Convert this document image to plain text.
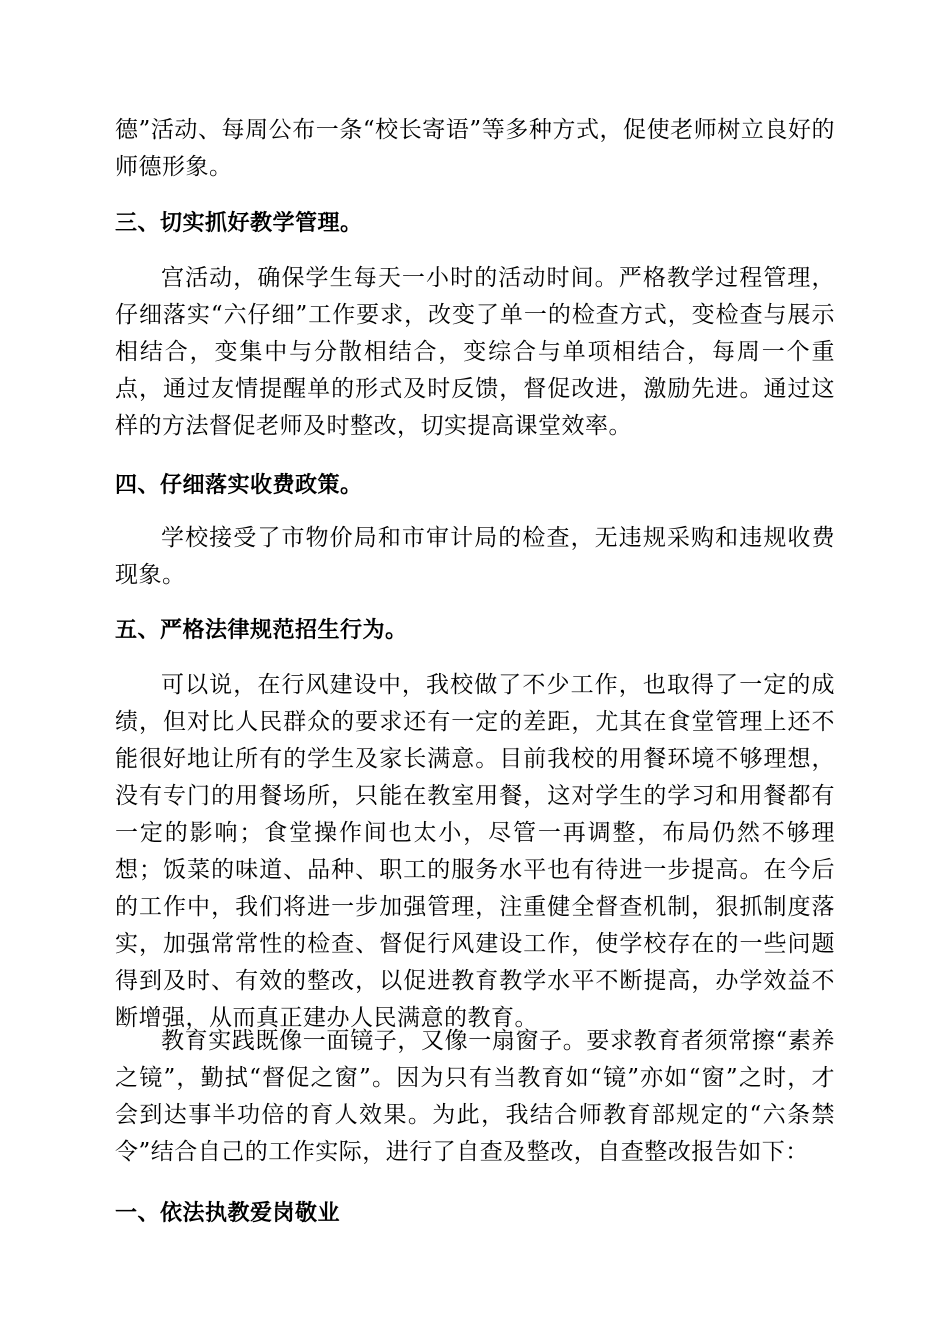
德”活动、每周公布一条“校长寄语”等多种方式，促使老师树立良好的师德形象。

三、切实抓好教学管理。

宫活动，确保学生每天一小时的活动时间。严格教学过程管理，仔细落实“六仔细”工作要求，改变了单一的检查方式，变检查与展示相结合，变集中与分散相结合，变综合与单项相结合，每周一个重点，通过友情提醒单的形式及时反馈，督促改进，激励先进。通过这样的方法督促老师及时整改，切实提高课堂效率。

四、仔细落实收费政策。

学校接受了市物价局和市审计局的检查，无违规采购和违规收费现象。

五、严格法律规范招生行为。

可以说，在行风建设中，我校做了不少工作，也取得了一定的成绩，但对比人民群众的要求还有一定的差距，尤其在食堂管理上还不能很好地让所有的学生及家长满意。目前我校的用餐环境不够理想，没有专门的用餐场所，只能在教室用餐，这对学生的学习和用餐都有一定的影响；食堂操作间也太小，尽管一再调整，布局仍然不够理想；饭菜的味道、品种、职工的服务水平也有待进一步提高。在今后的工作中，我们将进一步加强管理，注重健全督查机制，狠抓制度落实，加强常常性的检查、督促行风建设工作，使学校存在的一些问题得到及时、有效的整改，以促进教育教学水平不断提高，办学效益不断增强，从而真正建办人民满意的教育。

教育实践既像一面镜子，又像一扇窗子。要求教育者须常擦“素养之镜”，勤拭“督促之窗”。因为只有当教育如“镜”亦如“窗”之时，才会到达事半功倍的育人效果。为此，我结合师教育部规定的“六条禁令”结合自己的工作实际，进行了自查及整改，自查整改报告如下：

一、依法执教爱岗敬业
